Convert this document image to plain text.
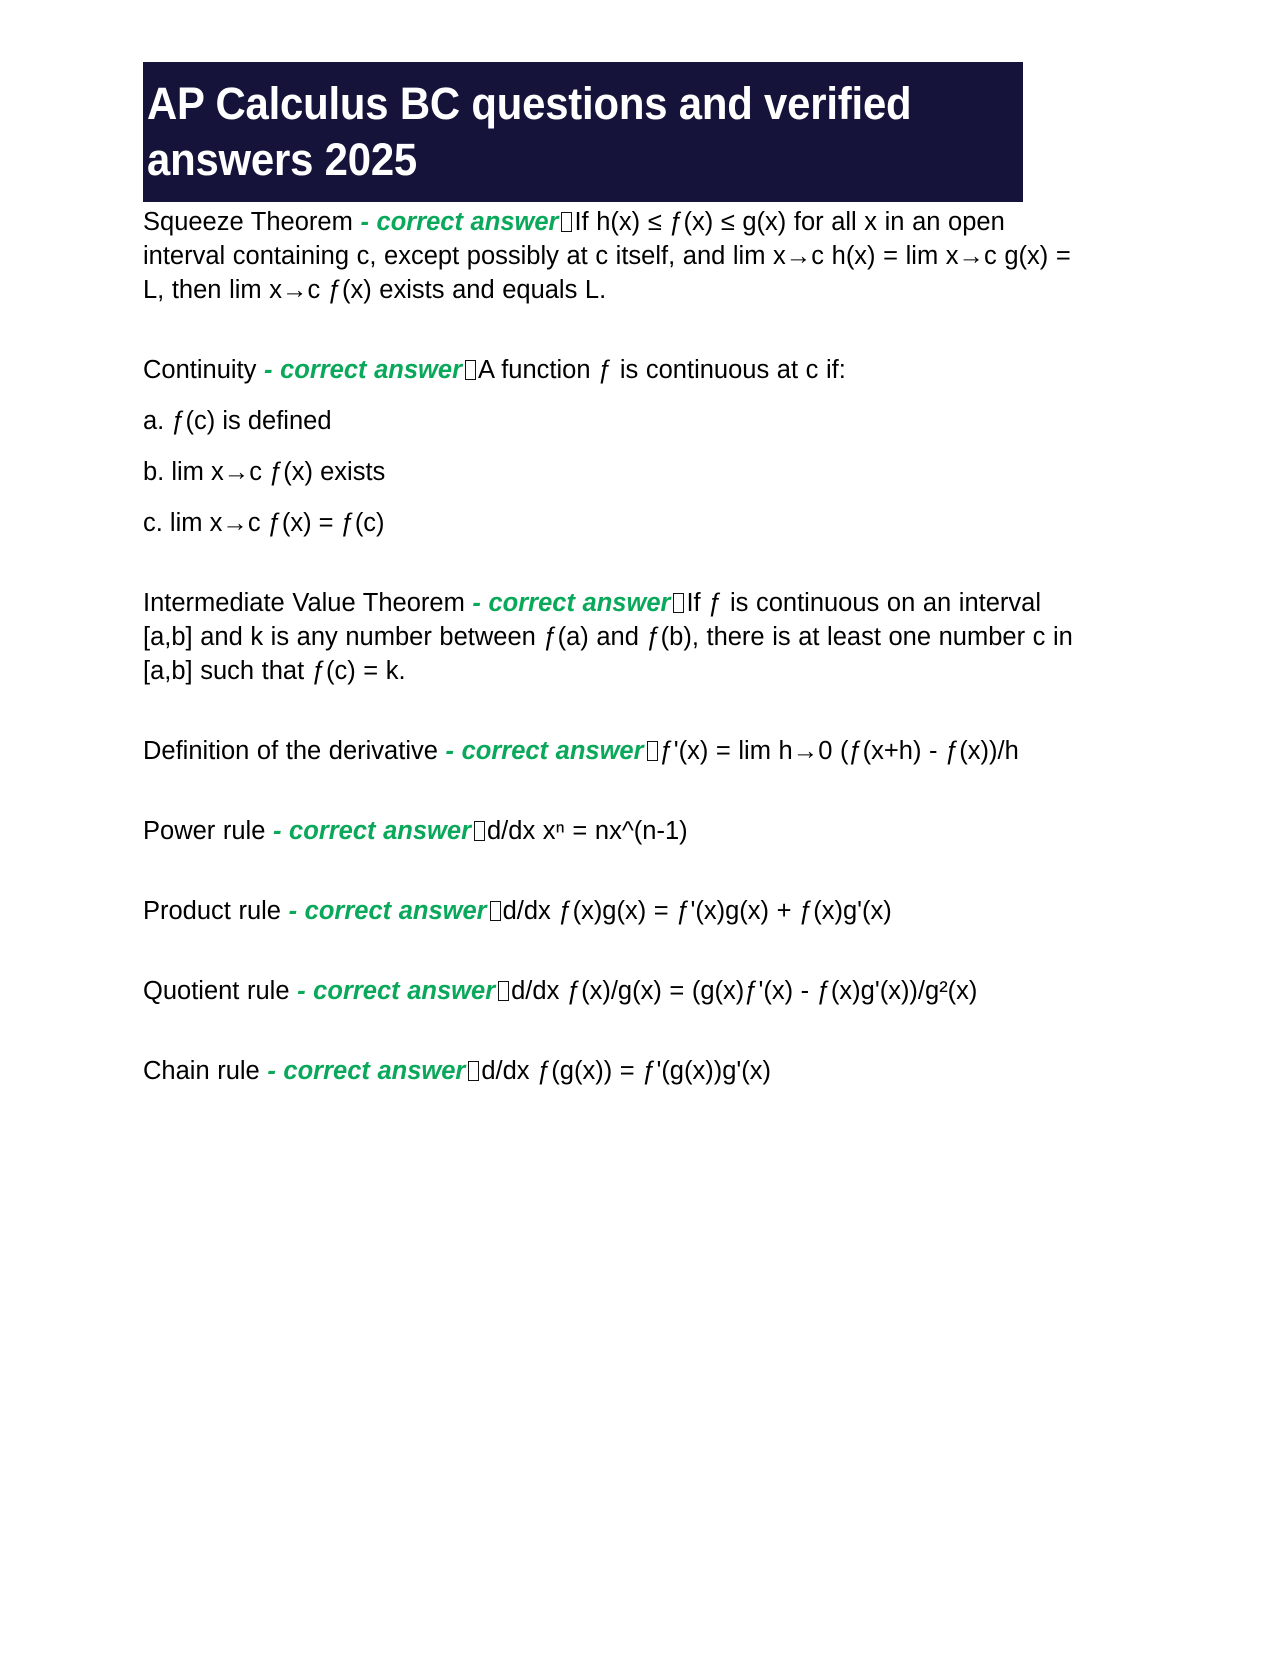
AP Calculus BC questions and verified
answers 2025

Squeeze Theorem - correct answer If h(x) ≤ ƒ(x) ≤ g(x) for all x in an open interval containing c, except possibly at c itself, and lim x→c h(x) = lim x→c g(x) = L, then lim x→c ƒ(x) exists and equals L.

Continuity - correct answer A function ƒ is continuous at c if:

a. ƒ(c) is defined

b. lim x→c ƒ(x) exists

c. lim x→c ƒ(x) = ƒ(c)

Intermediate Value Theorem - correct answer If ƒ is continuous on an interval [a,b] and k is any number between ƒ(a) and ƒ(b), there is at least one number c in [a,b] such that ƒ(c) = k.

Definition of the derivative - correct answer ƒ'(x) = lim h→0 (ƒ(x+h) - ƒ(x))/h

Power rule - correct answer d/dx xⁿ = nx^(n-1)

Product rule - correct answer d/dx ƒ(x)g(x) = ƒ'(x)g(x) + ƒ(x)g'(x)

Quotient rule - correct answer d/dx ƒ(x)/g(x) = (g(x)ƒ'(x) - ƒ(x)g'(x))/g²(x)

Chain rule - correct answer d/dx ƒ(g(x)) = ƒ'(g(x))g'(x)
